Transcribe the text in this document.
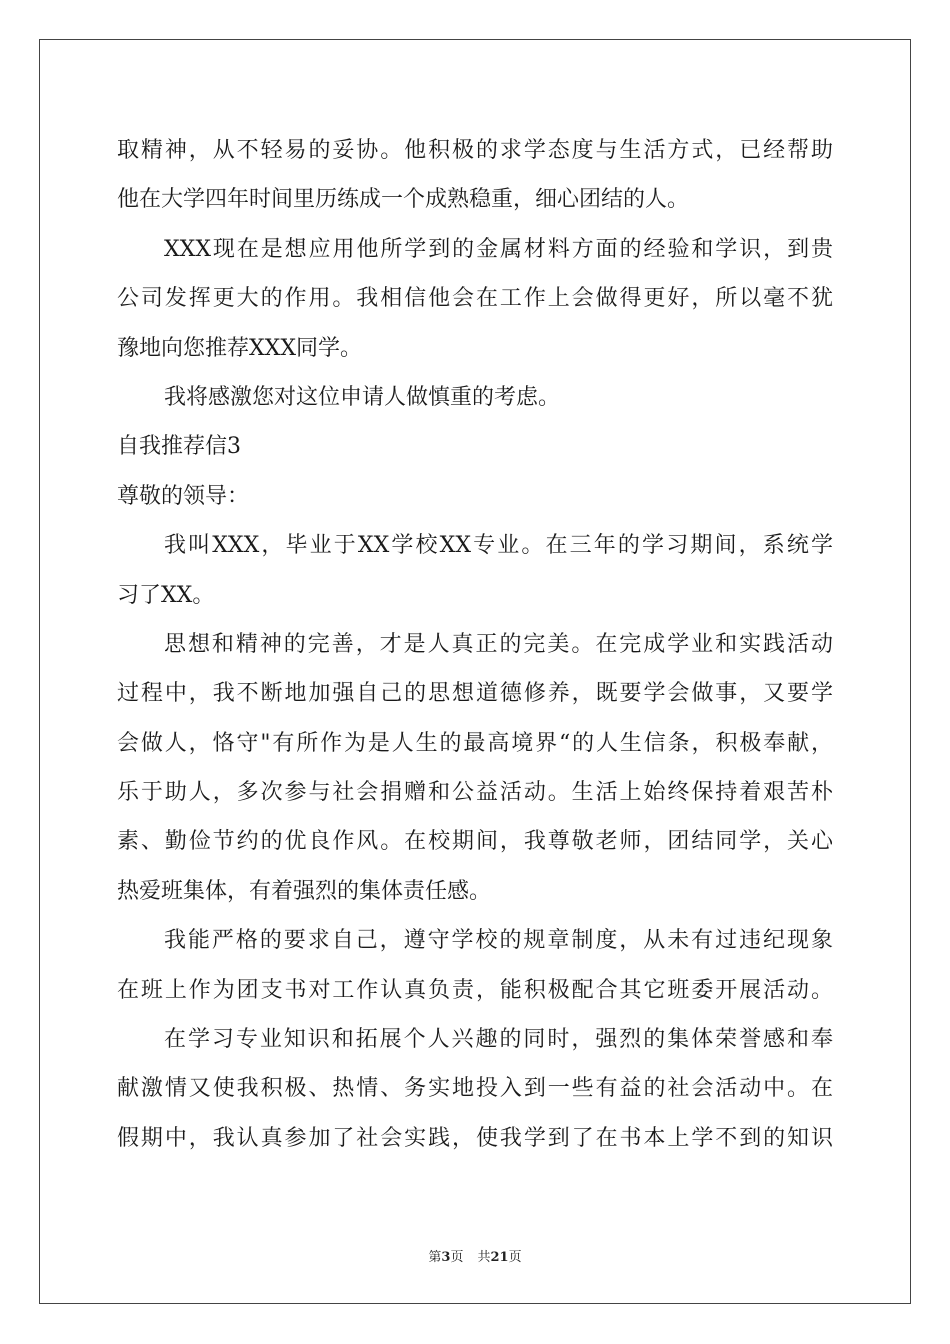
取精神，从不轻易的妥协。他积极的求学态度与生活方式，已经帮助
他在大学四年时间里历练成一个成熟稳重，细心团结的人。
XXX现在是想应用他所学到的金属材料方面的经验和学识，到贵
公司发挥更大的作用。我相信他会在工作上会做得更好，所以毫不犹
豫地向您推荐XXX同学。
我将感激您对这位申请人做慎重的考虑。
自我推荐信3
尊敬的领导：
我叫XXX，毕业于XX学校XX专业。在三年的学习期间，系统学
习了XX。
思想和精神的完善，才是人真正的完美。在完成学业和实践活动
过程中，我不断地加强自己的思想道德修养，既要学会做事，又要学
会做人，恪守"有所作为是人生的最高境界“的人生信条，积极奉献，
乐于助人，多次参与社会捐赠和公益活动。生活上始终保持着艰苦朴
素、勤俭节约的优良作风。在校期间，我尊敬老师，团结同学，关心
热爱班集体，有着强烈的集体责任感。
我能严格的要求自己，遵守学校的规章制度，从未有过违纪现象
在班上作为团支书对工作认真负责，能积极配合其它班委开展活动。
在学习专业知识和拓展个人兴趣的同时，强烈的集体荣誉感和奉
献激情又使我积极、热情、务实地投入到一些有益的社会活动中。在
假期中，我认真参加了社会实践，使我学到了在书本上学不到的知识
第3页 共21页
